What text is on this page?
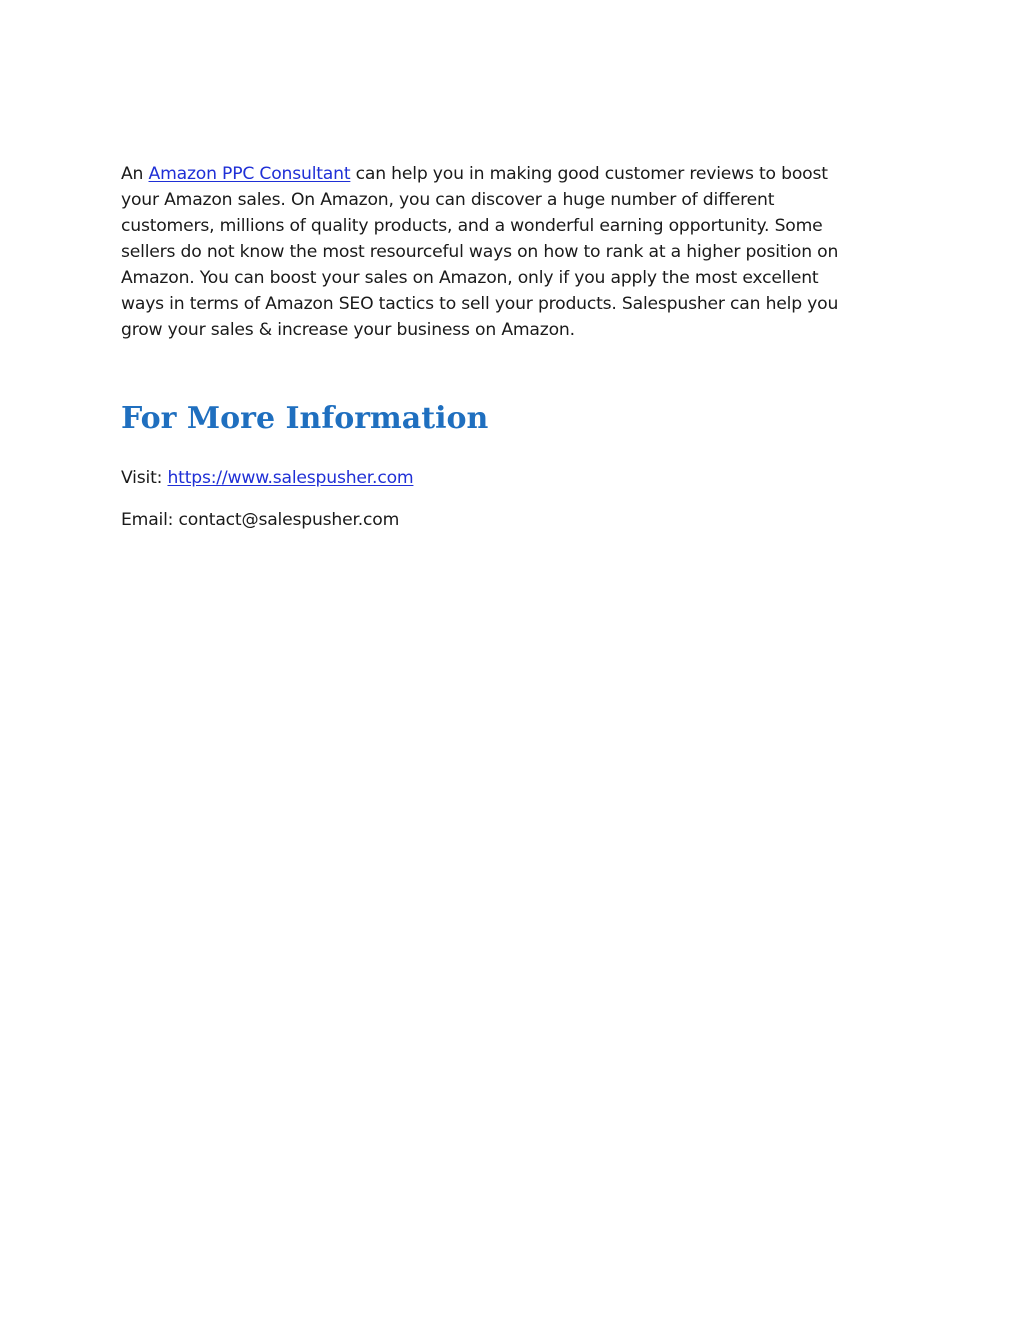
An Amazon PPC Consultant can help you in making good customer reviews to boost
your Amazon sales. On Amazon, you can discover a huge number of different
customers, millions of quality products, and a wonderful earning opportunity. Some
sellers do not know the most resourceful ways on how to rank at a higher position on
Amazon. You can boost your sales on Amazon, only if you apply the most excellent
ways in terms of Amazon SEO tactics to sell your products. Salespusher can help you
grow your sales & increase your business on Amazon.

For More Information

Visit: https://www.salespusher.com

Email: contact@salespusher.com
